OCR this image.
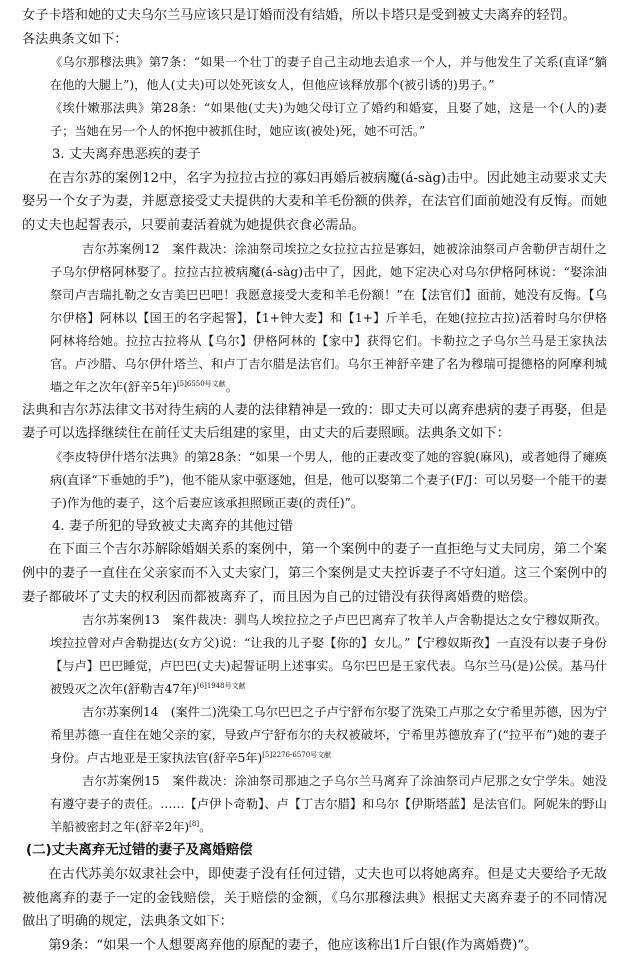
女子卡塔和她的丈夫乌尔兰马应该只是订婚而没有结婚，所以卡塔只是受到被丈夫离弃的轻罚。

各法典条文如下：

《乌尔那穆法典》第7条：“如果一个壮丁的妻子自己主动地去追求一个人，并与他发生了关系(直译“躺在他的大腿上”)，他人(丈夫)可以处死该女人，但他应该释放那个(被引诱的)男子。”

《埃什嫩那法典》第28条：“如果他(丈夫)为她父母订立了婚约和婚宴，且娶了她，这是一个(人的)妻子；当她在另一个人的怀抱中被抓住时，她应该(被处)死，她不可活。”

3. 丈夫离弃患恶疾的妻子

在吉尔苏的案例12中，名字为拉拉古拉的寡妇再婚后被病魔(á-sàg)击中。因此她主动要求丈夫娶另一个女子为妻，并愿意接受丈夫提供的大麦和羊毛份额的供养，在法官们面前她没有反悔。而她的丈夫也起誓表示，只要前妻活着就为她提供衣食必需品。

吉尔苏案例12　案件裁决：涂油祭司埃拉之女拉拉古拉是寡妇，她被涂油祭司卢舍勒伊吉胡什之子乌尔伊格阿林娶了。拉拉古拉被病魔(á-sàg)击中了，因此，她下定决心对乌尔伊格阿林说：“娶涂油祭司卢吉瑞扎勒之女吉美巴巴吧！我愿意接受大麦和羊毛份额！”在【法官们】面前，她没有反悔。【乌尔伊格】阿林以【国王的名字起誓】，【1+钟大麦】和【1+】斤羊毛，在她(拉拉古拉)活着时乌尔伊格阿林将给她。拉拉古拉将从【乌尔】伊格阿林的【家中】获得它们。卡勒拉之子乌尔兰马是王家执法官。卢沙腊、乌尔伊什塔兰、和卢丁吉尔腊是法官们。乌尔王神舒辛建了名为穆瑞可提德格的阿摩利城墙之年之次年(舒辛5年)$^{[5]6550号文献}$。

法典和吉尔苏法律文书对待生病的人妻的法律精神是一致的：即丈夫可以离弃患病的妻子再娶，但是妻子可以选择继续住在前任丈夫后组建的家里，由丈夫的后妻照顾。法典条文如下：

《李皮特伊什塔尔法典》的第28条：“如果一个男人，他的正妻改变了她的容貌(麻风)，或者她得了瘫痪病(直译“下垂她的手”)，他不能从家中驱逐她，但是，他可以娶第二个妻子(F/J：可以另娶一个能干的妻子)作为他的妻子，这个后妻应该承担照顾正妻(的责任)”。

4. 妻子所犯的导致被丈夫离弃的其他过错

在下面三个吉尔苏解除婚姻关系的案例中，第一个案例中的妻子一直拒绝与丈夫同房，第二个案例中的妻子一直住在父亲家而不入丈夫家门，第三个案例是丈夫控诉妻子不守妇道。这三个案例中的妻子都破坏了丈夫的权利因而都被离弃了，而且因为自己的过错没有获得离婚费的赔偿。

吉尔苏案例13　案件裁决：驯鸟人埃拉拉之子卢巴巴离弃了牧羊人卢舍勒提达之女宁穆奴斯孜。埃拉拉曾对卢舍勒提达(女方父)说：“让我的儿子娶【你的】女儿。”【宁穆奴斯孜】一直没有以妻子身份【与卢】巴巴睡觉，卢巴巴(丈夫)起誓证明上述事实。乌尔巴巴是王家代表。乌尔兰马(是)公侯。基马什被毁灭之次年(舒勒吉47年)$^{[6]1948号文献}$

吉尔苏案例14　(案件二)洗染工乌尔巴巴之子卢宁舒布尔娶了洗染工卢那之女宁希里苏德，因为宁希里苏德一直住在她父亲的家，导致卢宁舒布尔的夫权被破坏，宁希里苏德放弃了(“拉平布”)她的妻子身份。卢古地亚是王家执法官(舒辛5年)$^{[5]2276-6570号文献}$

吉尔苏案例15　案件裁决：涂油祭司那迪之子乌尔兰马离弃了涂油祭司卢尼那之女宁学朱。她没有遵守妻子的责任。……【卢伊卜奇勒】、卢【丁吉尔腊】和乌尔【伊斯塔蓝】是法官们。阿妮朱的野山羊船被密封之年(舒辛2年)[8]。

(二)丈夫离弃无过错的妻子及离婚赔偿

在古代苏美尔奴隶社会中，即使妻子没有任何过错，丈夫也可以将她离弃。但是丈夫要给予无故被他离弃的妻子一定的金钱赔偿，关于赔偿的金额，《乌尔那穆法典》根据丈夫离弃妻子的不同情况做出了明确的规定，法典条文如下：

第9条：“如果一个人想要离弃他的原配的妻子，他应该称出1斤白银(作为离婚费)”。
